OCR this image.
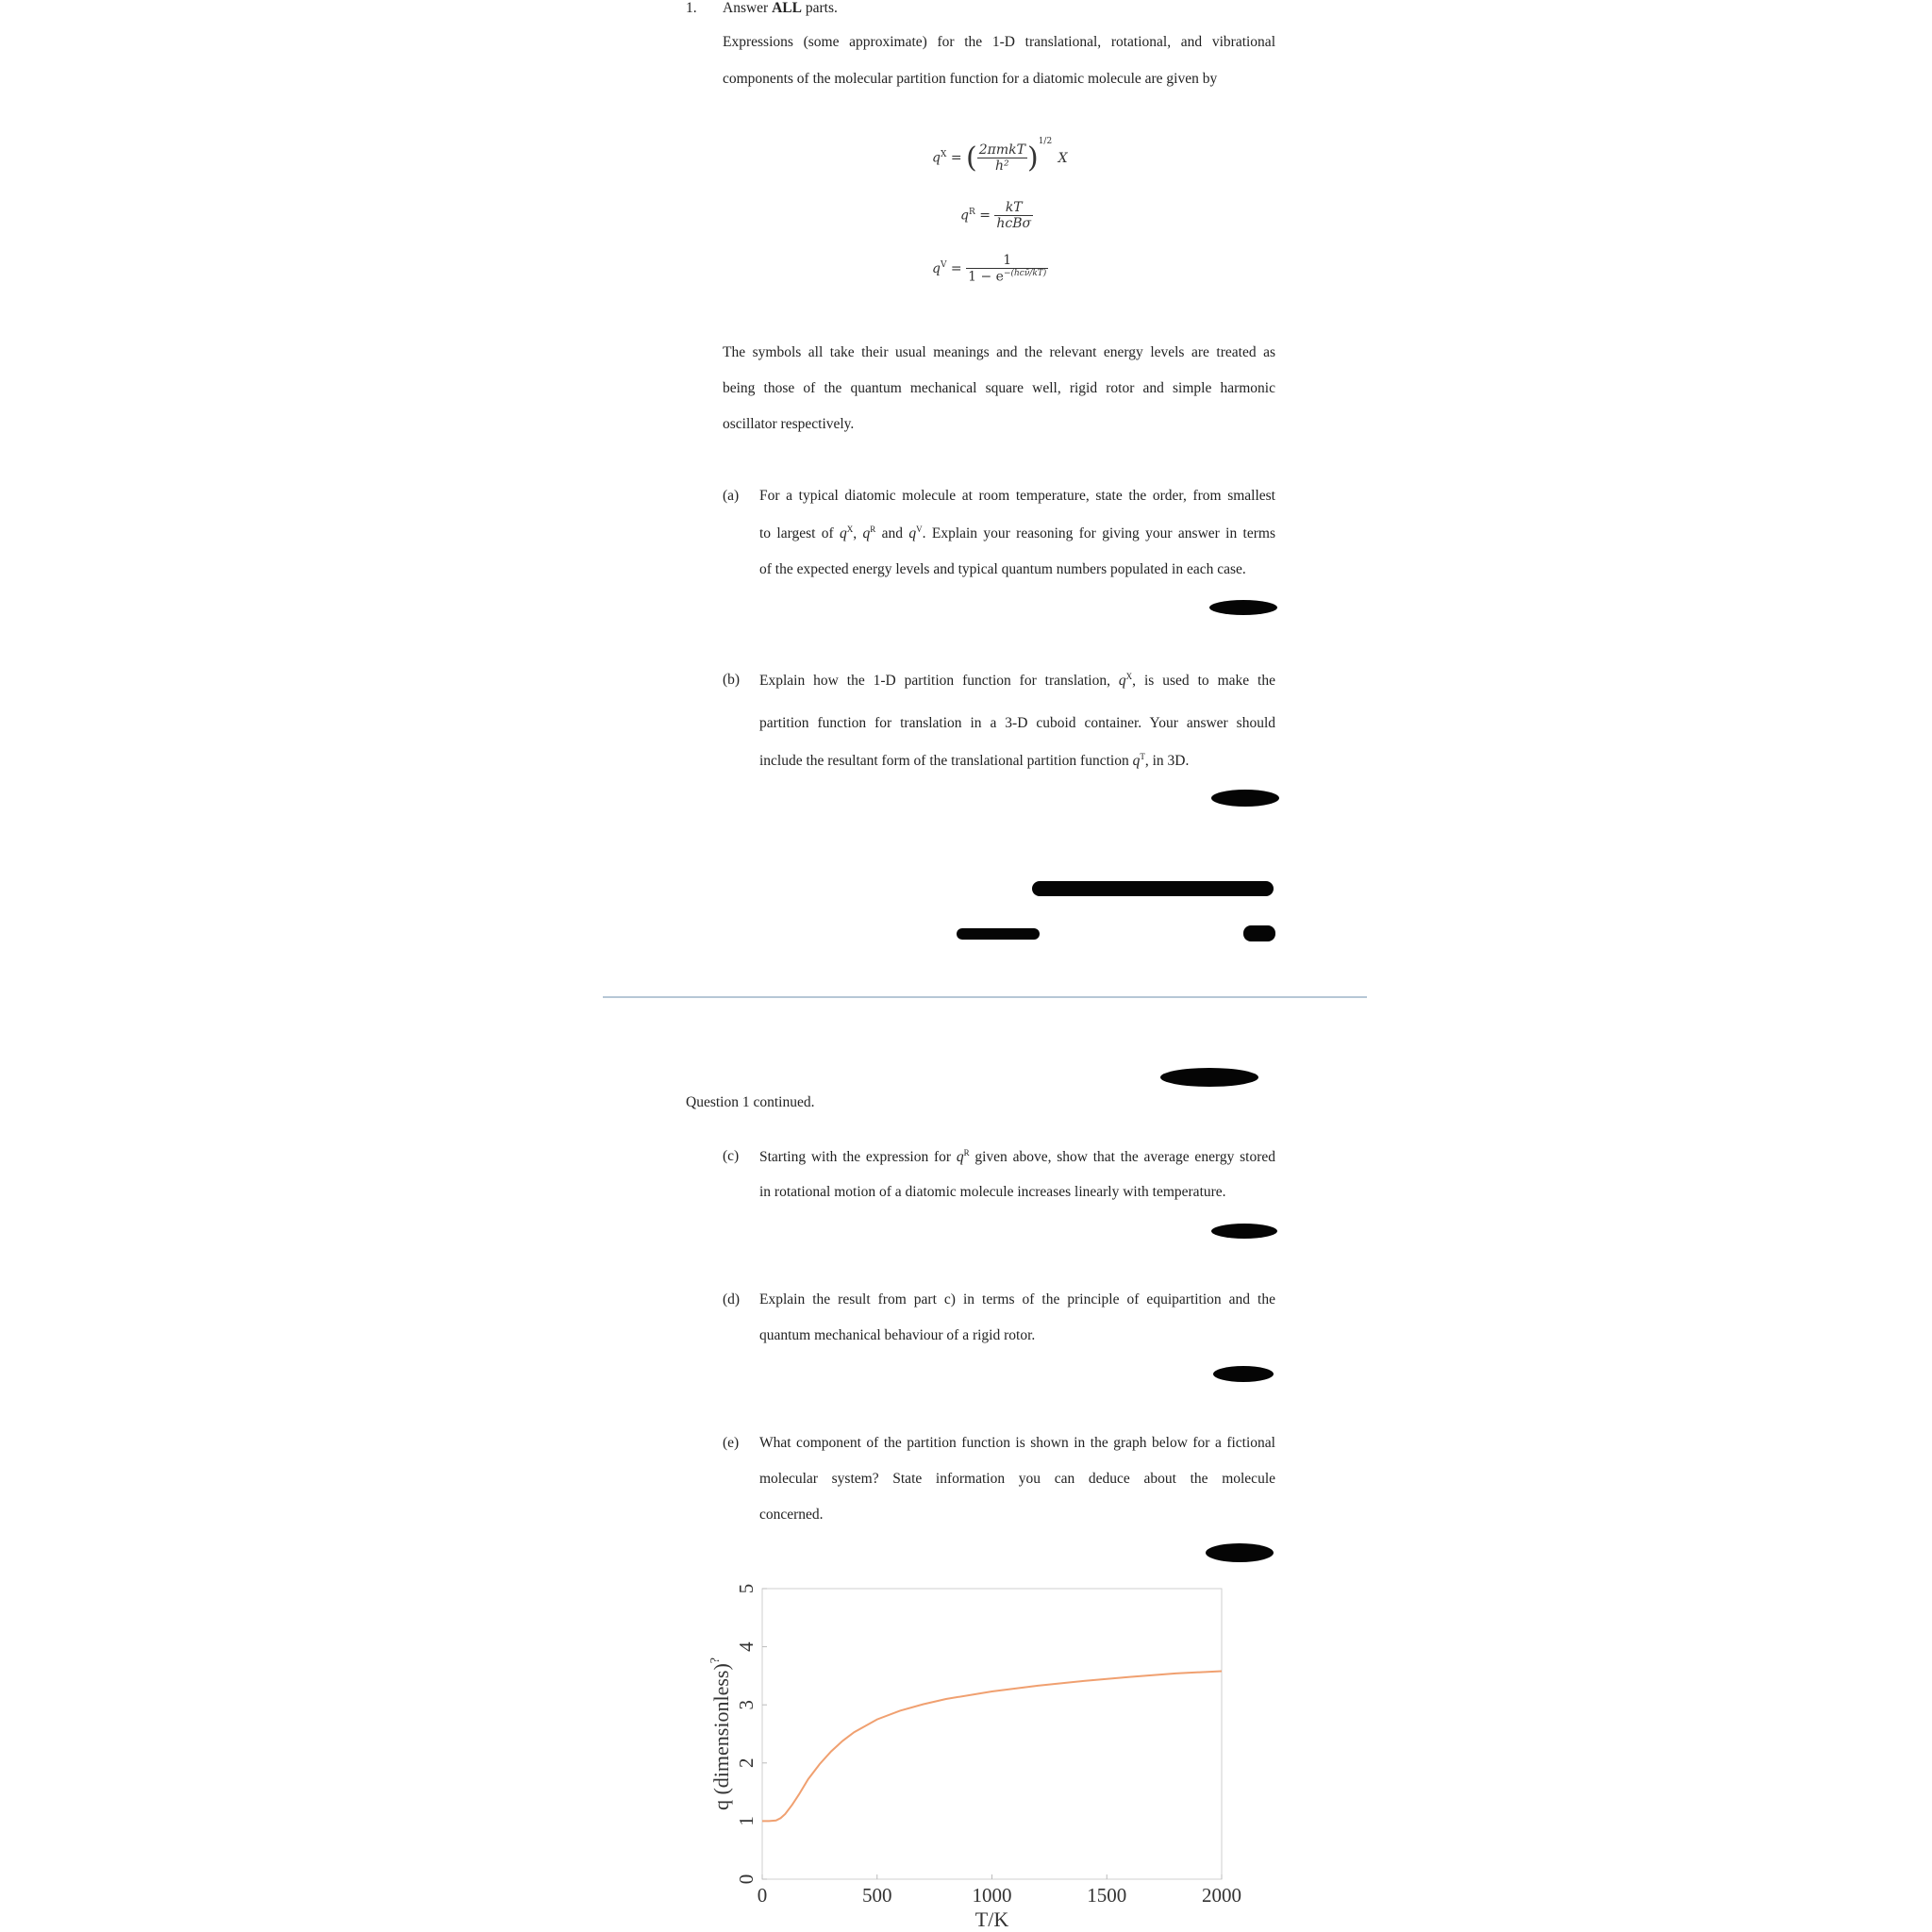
1. Answer ALL parts.
Expressions (some approximate) for the 1-D translational, rotational, and vibrational
components of the molecular partition function for a diatomic molecule are given by
$q^X$ = ( $\frac{\text{2πmkT}}{\text{h²}} )^{1/2}$ X
$q^R = \frac{kT}{\text{hcBσ}}$
$q^V = \frac{1}{1 - e^{-(hc\nū/kT)}}$
The symbols all take their usual meanings and the relevant energy levels are treated as
being those of the quantum mechanical square well, rigid rotor and simple harmonic
oscillator respectively.
(a) For a typical diatomic molecule at room temperature, state the order, from smallest
to largest of $q^X$, $q^R$ and $q^V$. Explain your reasoning for giving your answer in terms
of the expected energy levels and typical quantum numbers populated in each case.
(b) Explain how the 1-D partition function for translation, $q^X$, is used to make the
partition function for translation in a 3-D cuboid container. Your answer should
include the resultant form of the translational partition function $q^T$, in 3D.
Question 1 continued.
(c) Starting with the expression for $q^R$ given above, show that the average energy stored
in rotational motion of a diatomic molecule increases linearly with temperature.
(d) Explain the result from part c) in terms of the principle of equipartition and the
quantum mechanical behaviour of a rigid rotor.
(e) What component of the partition function is shown in the graph below for a fictional
molecular system? State information you can deduce about the molecule
concerned.
0	500	1000	1500	2000
0
1
2
3
4
5
T/K
q (dimensionless)?
